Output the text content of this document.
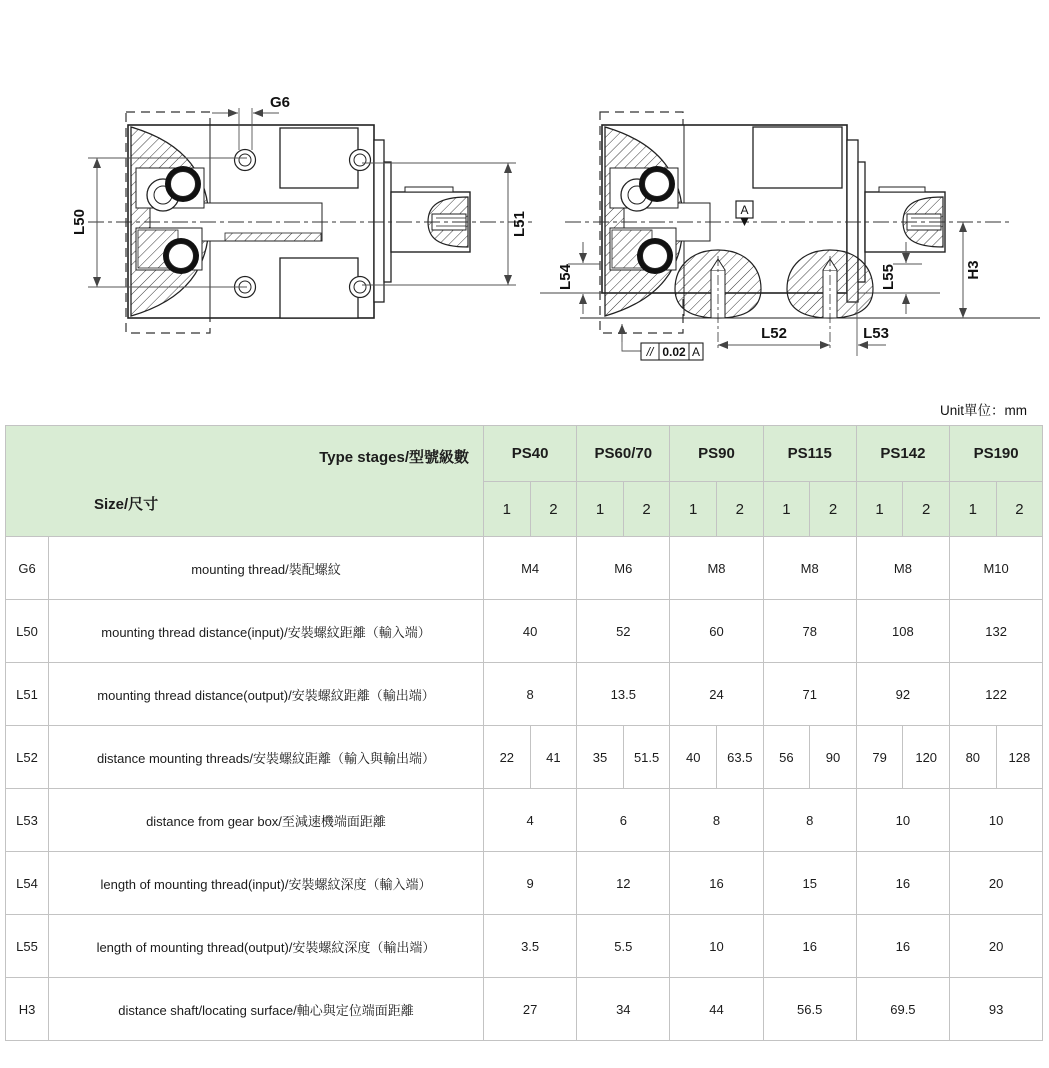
G6
L50	L51
A
L54	L55	H3
L52	L53
// 0.02 A
Unit單位：mm
Type stages/型號級數
Size/尺寸		PS40		PS60/70		PS90		PS115		PS142		PS190	
		1	2	1	2	1	2	1	2	1	2	1	2
G6	mounting thread/裝配螺紋	M4		M6		M8		M8		M8		M10	
L50	mounting thread distance(input)/安裝螺紋距離（輸入端）	40		52		60		78		108		132	
L51	mounting thread distance(output)/安裝螺紋距離（輸出端）	8		13.5		24		71		92		122	
L52	distance mounting threads/安裝螺紋距離（輸入與輸出端）	22	41	35	51.5	40	63.5	56	90	79	120	80	128
L53	distance from gear box/至減速機端面距離	4		6		8		8		10		10	
L54	length of mounting thread(input)/安裝螺紋深度（輸入端）	9		12		16		15		16		20	
L55	length of mounting thread(output)/安裝螺紋深度（輸出端）	3.5		5.5		10		16		16		20	
H3	distance shaft/locating surface/軸心與定位端面距離	27		34		44		56.5		69.5		93	
